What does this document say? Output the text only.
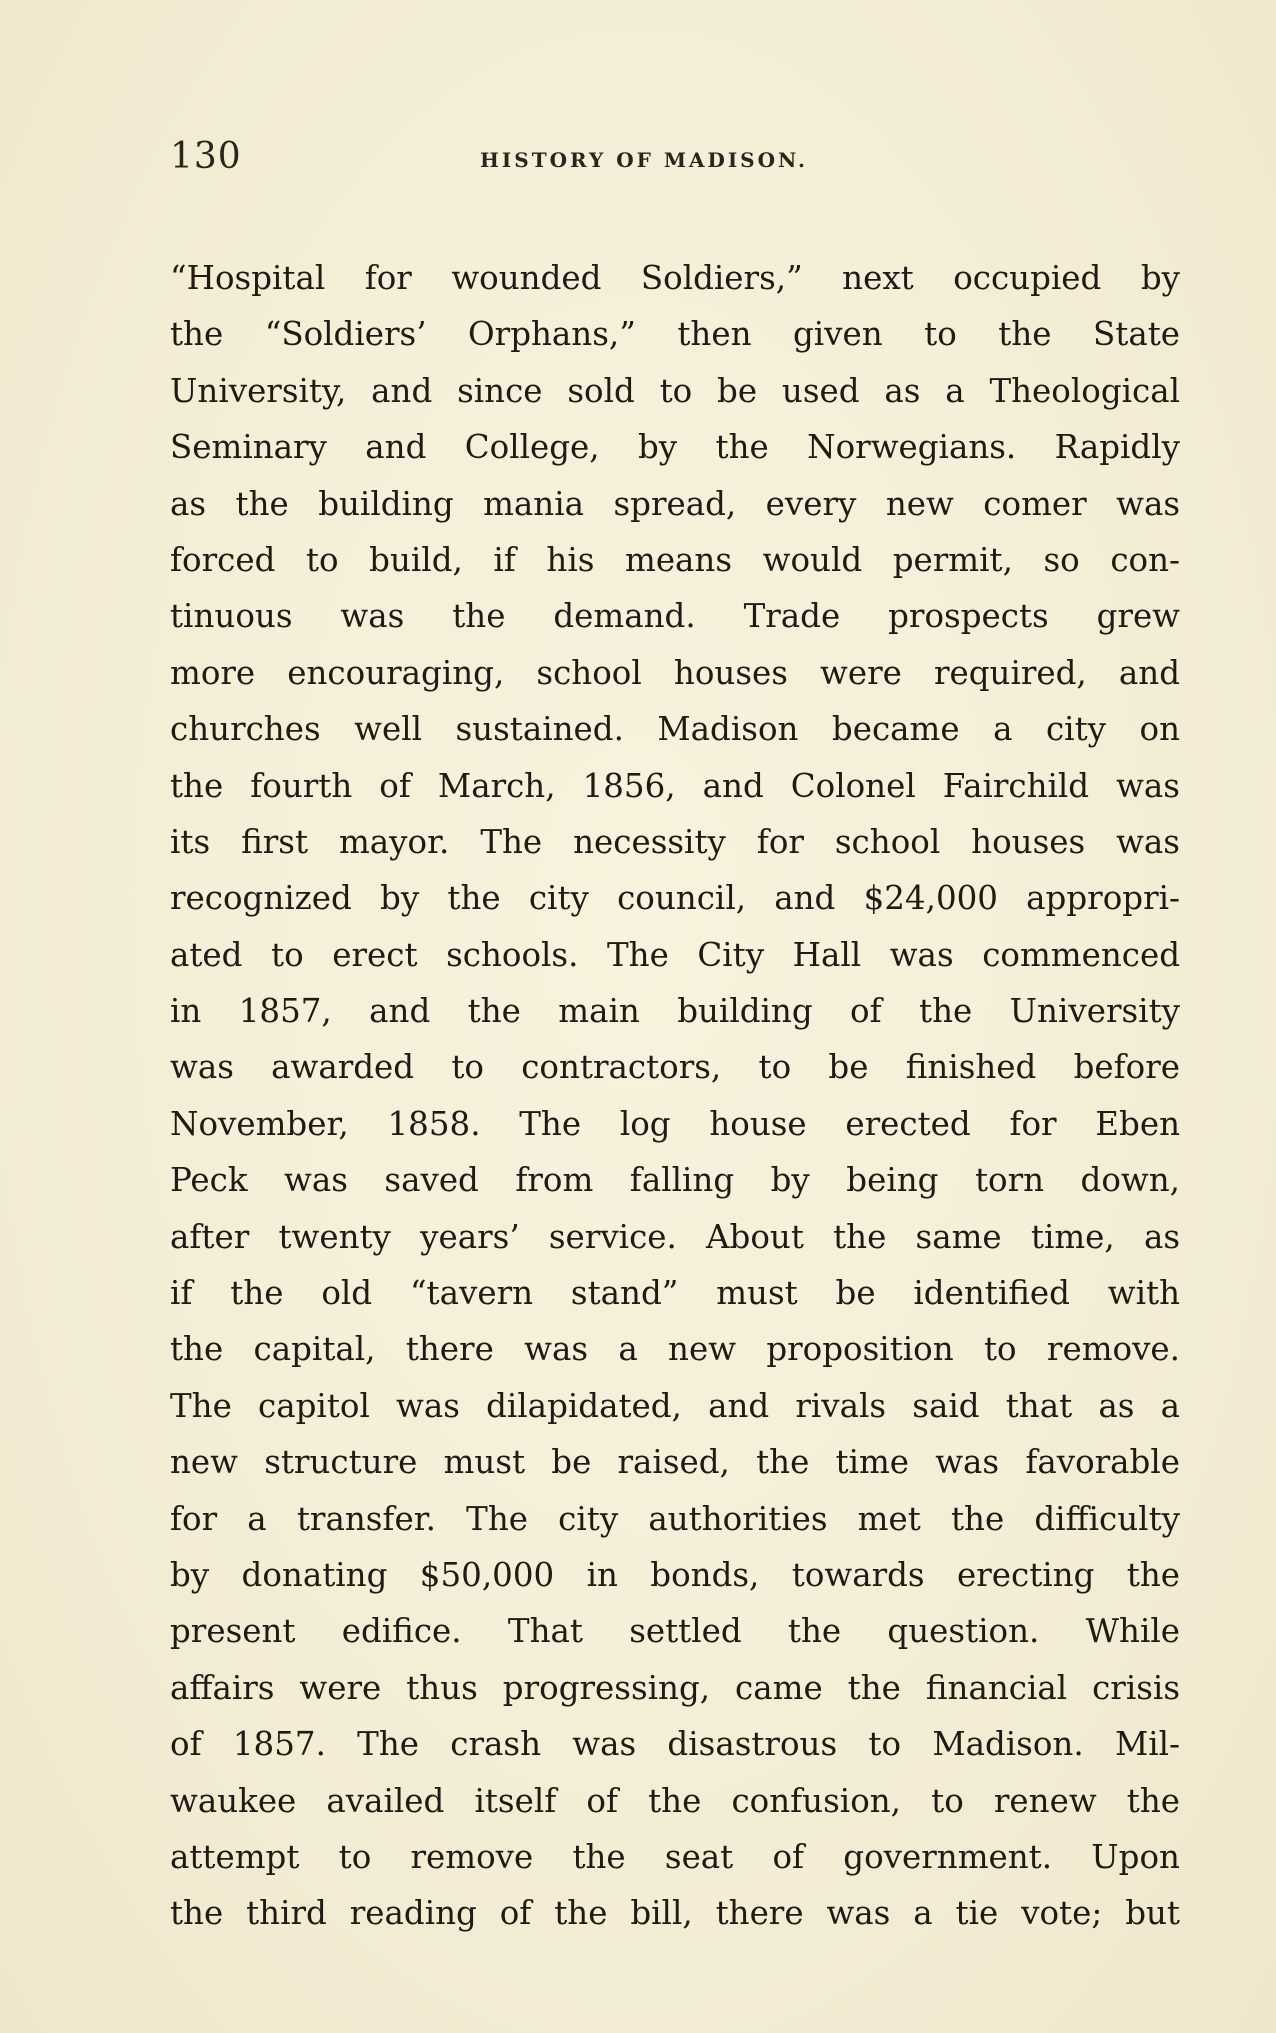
130	HISTORY OF MADISON.
“Hospital for wounded Soldiers,” next occupied by
the “Soldiers’ Orphans,” then given to the State
University, and since sold to be used as a Theological
Seminary and College, by the Norwegians. Rapidly
as the building mania spread, every new comer was
forced to build, if his means would permit, so con-
tinuous was the demand. Trade prospects grew
more encouraging, school houses were required, and
churches well sustained. Madison became a city on
the fourth of March, 1856, and Colonel Fairchild was
its first mayor. The necessity for school houses was
recognized by the city council, and $24,000 appropri-
ated to erect schools. The City Hall was commenced
in 1857, and the main building of the University
was awarded to contractors, to be finished before
November, 1858. The log house erected for Eben
Peck was saved from falling by being torn down,
after twenty years’ service. About the same time, as
if the old “tavern stand” must be identified with
the capital, there was a new proposition to remove.
The capitol was dilapidated, and rivals said that as a
new structure must be raised, the time was favorable
for a transfer. The city authorities met the difficulty
by donating $50,000 in bonds, towards erecting the
present edifice. That settled the question. While
affairs were thus progressing, came the financial crisis
of 1857. The crash was disastrous to Madison. Mil-
waukee availed itself of the confusion, to renew the
attempt to remove the seat of government. Upon
the third reading of the bill, there was a tie vote; but
